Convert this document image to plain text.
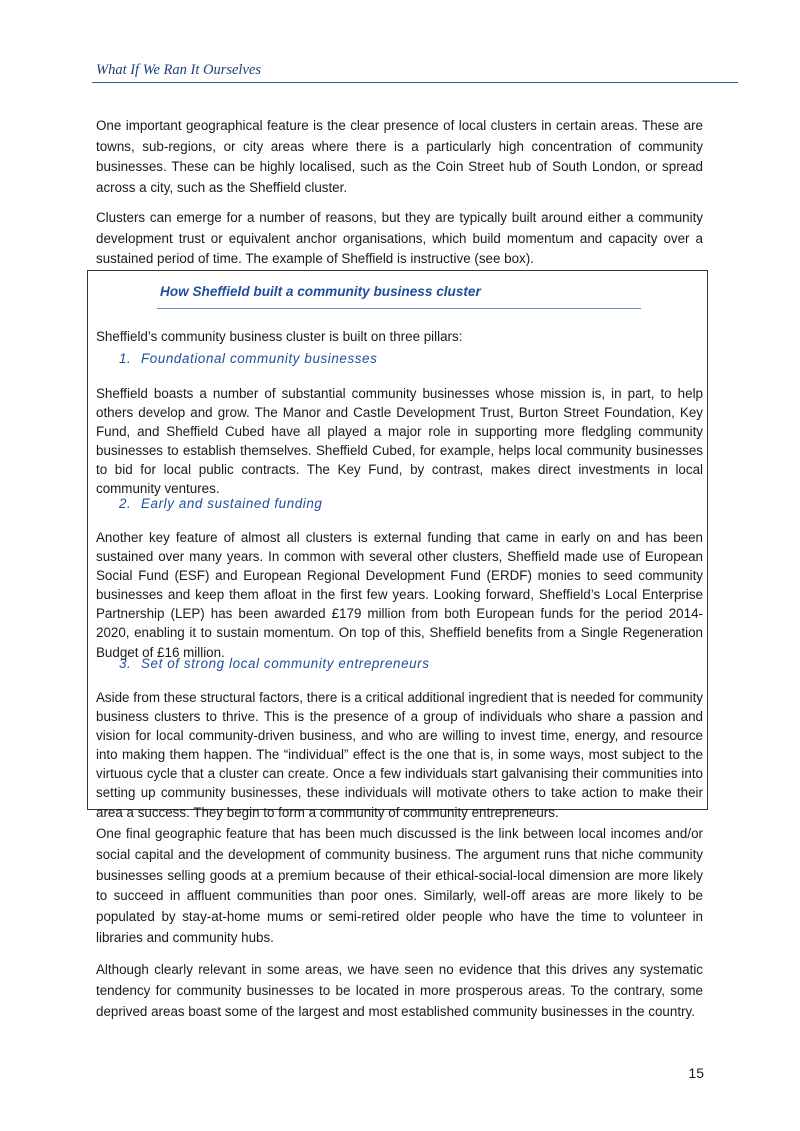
What If We Ran It Ourselves

One important geographical feature is the clear presence of local clusters in certain areas. These are towns, sub-regions, or city areas where there is a particularly high concentration of community businesses. These can be highly localised, such as the Coin Street hub of South London, or spread across a city, such as the Sheffield cluster.

Clusters can emerge for a number of reasons, but they are typically built around either a community development trust or equivalent anchor organisations, which build momentum and capacity over a sustained period of time. The example of Sheffield is instructive (see box).

How Sheffield built a community business cluster

Sheffield’s community business cluster is built on three pillars:

1. Foundational community businesses

Sheffield boasts a number of substantial community businesses whose mission is, in part, to help others develop and grow. The Manor and Castle Development Trust, Burton Street Foundation, Key Fund, and Sheffield Cubed have all played a major role in supporting more fledgling community businesses to establish themselves. Sheffield Cubed, for example, helps local community businesses to bid for local public contracts. The Key Fund, by contrast, makes direct investments in local community ventures.

2. Early and sustained funding

Another key feature of almost all clusters is external funding that came in early on and has been sustained over many years. In common with several other clusters, Sheffield made use of European Social Fund (ESF) and European Regional Development Fund (ERDF) monies to seed community businesses and keep them afloat in the first few years. Looking forward, Sheffield’s Local Enterprise Partnership (LEP) has been awarded £179 million from both European funds for the period 2014-2020, enabling it to sustain momentum. On top of this, Sheffield benefits from a Single Regeneration Budget of £16 million.

3. Set of strong local community entrepreneurs

Aside from these structural factors, there is a critical additional ingredient that is needed for community business clusters to thrive. This is the presence of a group of individuals who share a passion and vision for local community-driven business, and who are willing to invest time, energy, and resource into making them happen. The “individual” effect is the one that is, in some ways, most subject to the virtuous cycle that a cluster can create. Once a few individuals start galvanising their communities into setting up community businesses, these individuals will motivate others to take action to make their area a success. They begin to form a community of community entrepreneurs.

One final geographic feature that has been much discussed is the link between local incomes and/or social capital and the development of community business. The argument runs that niche community businesses selling goods at a premium because of their ethical-social-local dimension are more likely to succeed in affluent communities than poor ones. Similarly, well-off areas are more likely to be populated by stay-at-home mums or semi-retired older people who have the time to volunteer in libraries and community hubs.

Although clearly relevant in some areas, we have seen no evidence that this drives any systematic tendency for community businesses to be located in more prosperous areas. To the contrary, some deprived areas boast some of the largest and most established community businesses in the country.

15
